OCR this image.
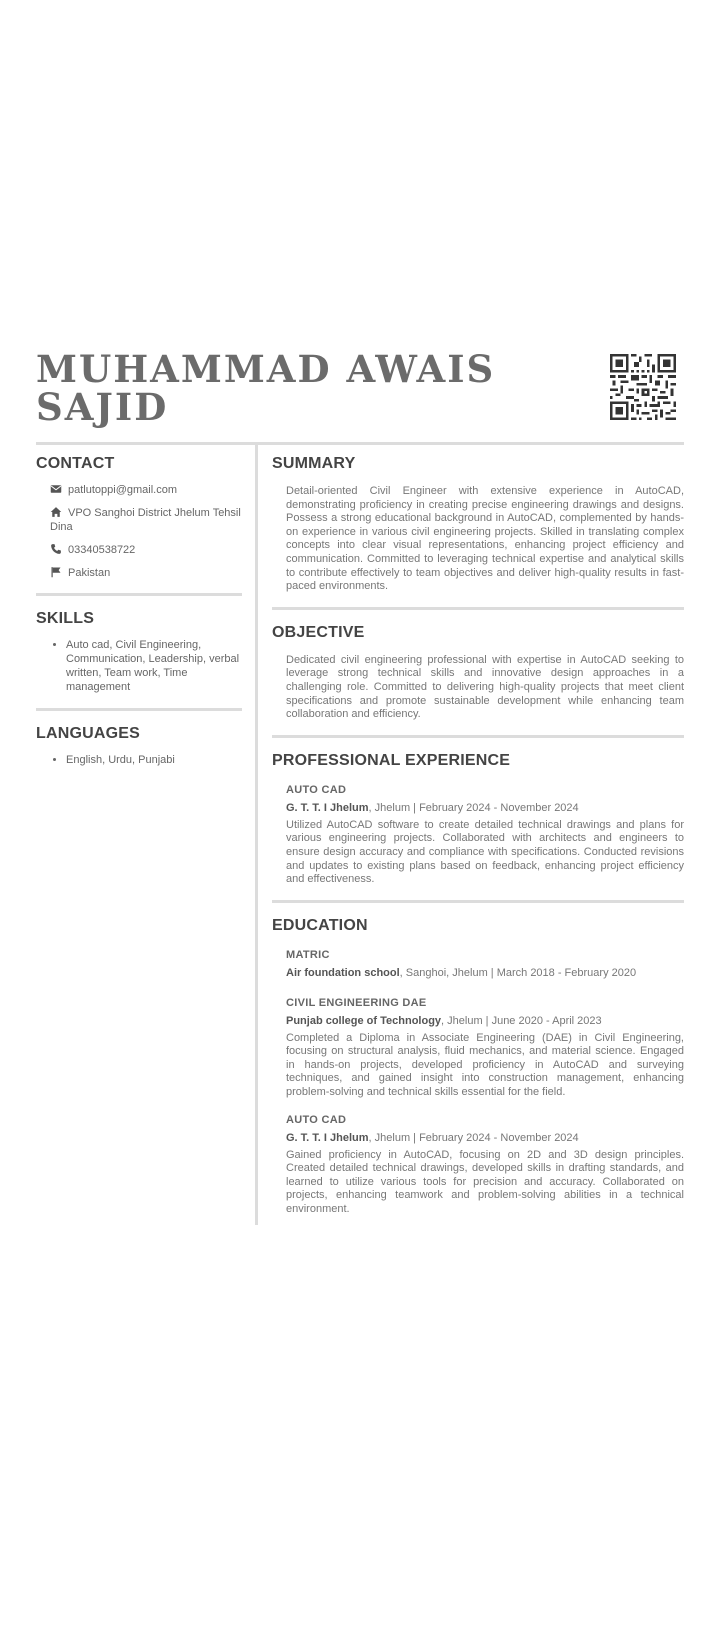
MUHAMMAD AWAIS
SAJID
CONTACT
patlutoppi@gmail.com
VPO Sanghoi District Jhelum Tehsil Dina
03340538722
Pakistan
SKILLS
• Auto cad, Civil Engineering, Communication, Leadership, verbal written, Team work, Time management
LANGUAGES
• English, Urdu, Punjabi
SUMMARY

Detail-oriented Civil Engineer with extensive experience in AutoCAD, demonstrating proficiency in creating precise engineering drawings and designs. Possess a strong educational background in AutoCAD, complemented by hands-on experience in various civil engineering projects. Skilled in translating complex concepts into clear visual representations, enhancing project efficiency and communication. Committed to leveraging technical expertise and analytical skills to contribute effectively to team objectives and deliver high-quality results in fast-paced environments.

OBJECTIVE

Dedicated civil engineering professional with expertise in AutoCAD seeking to leverage strong technical skills and innovative design approaches in a challenging role. Committed to delivering high-quality projects that meet client specifications and promote sustainable development while enhancing team collaboration and efficiency.

PROFESSIONAL EXPERIENCE

AUTO CAD

G. T. T. I Jhelum, Jhelum | February 2024 - November 2024

Utilized AutoCAD software to create detailed technical drawings and plans for various engineering projects. Collaborated with architects and engineers to ensure design accuracy and compliance with specifications. Conducted revisions and updates to existing plans based on feedback, enhancing project efficiency and effectiveness.

EDUCATION

MATRIC

Air foundation school, Sanghoi, Jhelum | March 2018 - February 2020

CIVIL ENGINEERING DAE

Punjab college of Technology, Jhelum | June 2020 - April 2023

Completed a Diploma in Associate Engineering (DAE) in Civil Engineering, focusing on structural analysis, fluid mechanics, and material science. Engaged in hands-on projects, developed proficiency in AutoCAD and surveying techniques, and gained insight into construction management, enhancing problem-solving and technical skills essential for the field.

AUTO CAD

G. T. T. I Jhelum, Jhelum | February 2024 - November 2024

Gained proficiency in AutoCAD, focusing on 2D and 3D design principles. Created detailed technical drawings, developed skills in drafting standards, and learned to utilize various tools for precision and accuracy. Collaborated on projects, enhancing teamwork and problem-solving abilities in a technical environment.
